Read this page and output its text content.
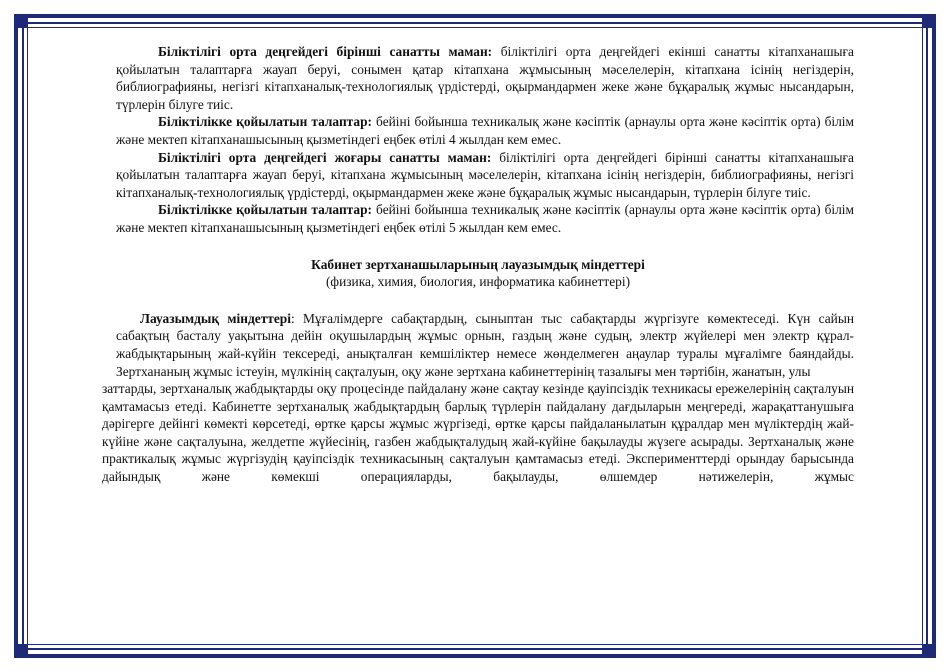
Біліктілігі орта деңгейдегі бірінші санатты маман: біліктілігі орта деңгейдегі екінші санатты кітапханашыға қойылатын талаптарға жауап беруі, сонымен қатар кітапхана жұмысының мәселелерін, кітапхана ісінің негіздерін, библиографияны, негізгі кітапханалық-технологиялық үрдістерді, оқырмандармен жеке және бұқаралық жұмыс нысандарын, түрлерін білуге тиіс.

Біліктілікке қойылатын талаптар: бейіні бойынша техникалық және кәсіптік (арнаулы орта және кәсіптік орта) білім және мектеп кітапханашысының қызметіндегі еңбек өтілі 4 жылдан кем емес.

Біліктілігі орта деңгейдегі жоғары санатты маман: біліктілігі орта деңгейдегі бірінші санатты кітапханашыға қойылатын талаптарға жауап беруі, кітапхана жұмысының мәселелерін, кітапхана ісінің негіздерін, библиографияны, негізгі кітапханалық-технологиялық үрдістерді, оқырмандармен жеке және бұқаралық жұмыс нысандарын, түрлерін білуге тиіс.

Біліктілікке қойылатын талаптар: бейіні бойынша техникалық және кәсіптік (арнаулы орта және кәсіптік орта) білім және мектеп кітапханашысының қызметіндегі еңбек өтілі 5 жылдан кем емес.

Кабинет зертханашыларының лауазымдық міндеттері

(физика, химия, биология, информатика кабинеттері)

Лауазымдық міндеттері: Мұғалімдерге сабақтардың, сыныптан тыс сабақтарды жүргізуге көмектеседі. Күн сайын сабақтың басталу уақытына дейін оқушылардың жұмыс орнын, газдың және судың, электр жүйелері мен электр құрал-жабдықтарының жай-күйін тексереді, анықталған кемшіліктер немесе жөнделмеген аңаулар туралы мұғалімге баяндайды. Зертхананың жұмыс істеуін, мүлкінің сақталуын, оқу және зертхана кабинеттерінің тазалығы мен тәртібін, жанатын, улы

заттарды, зертханалық жабдықтарды оқу процесінде пайдалану және сақтау кезінде қауіпсіздік техникасы ережелерінің сақталуын қамтамасыз етеді. Кабинетте зертханалық жабдықтардың барлық түрлерін пайдалану дағдыларын меңгереді, жарақаттанушыға дәрігерге дейінгі көмекті көрсетеді, өртке қарсы жұмыс жүргізеді, өртке қарсы пайдаланылатын құралдар мен мүліктердің жай-күйіне және сақталуына, желдетпе жүйесінің, газбен жабдықталудың жай-күйіне бақылауды жүзеге асырады. Зертханалық және практикалық жұмыс жүргізудің қауіпсіздік техникасының сақталуын қамтамасыз етеді. Эксперименттерді орындау барысында дайындық және көмекші операцияларды, бақылауды, өлшемдер нәтижелерін, жұмыс
